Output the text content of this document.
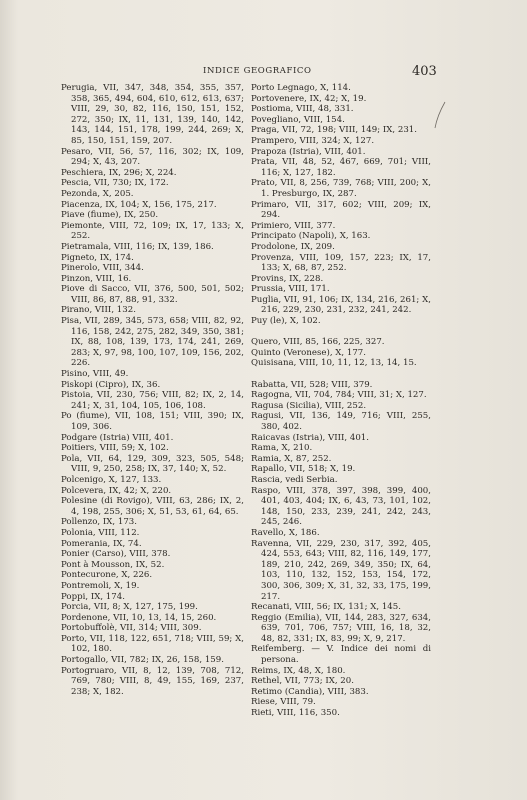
INDICE GEOGRAFICO	403
Perugia, VII, 347, 348, 354, 355, 357, 358, 365, 494, 604, 610, 612, 613, 637; VIII, 29, 30, 82, 116, 150, 151, 152, 272, 350; IX, 11, 131, 139, 140, 142, 143, 144, 151, 178, 199, 244, 269; X, 85, 150, 151, 159, 207.
Pesaro, VII, 56, 57, 116, 302; IX, 109, 294; X, 43, 207.
Peschiera, IX, 296; X, 224.
Pescia, VII, 730; IX, 172.
Pezonda, X, 205.
Piacenza, IX, 104; X, 156, 175, 217.
Piave (fiume), IX, 250.
Piemonte, VIII, 72, 109; IX, 17, 133; X, 252.
Pietramala, VIII, 116; IX, 139, 186.
Pigneto, IX, 174.
Pinerolo, VIII, 344.
Pinzon, VIII, 16.
Piove di Sacco, VII, 376, 500, 501, 502; VIII, 86, 87, 88, 91, 332.
Pirano, VIII, 132.
Pisa, VII, 289, 345, 573, 658; VIII, 82, 92, 116, 158, 242, 275, 282, 349, 350, 381; IX, 88, 108, 139, 173, 174, 241, 269, 283; X, 97, 98, 100, 107, 109, 156, 202, 226.
Pisino, VIII, 49.
Piskopi (Cipro), IX, 36.
Pistoia, VII, 230, 756; VIII, 82; IX, 2, 14, 241; X, 31, 104, 105, 106, 108.
Po (fiume), VII, 108, 151; VIII, 390; IX, 109, 306.
Podgare (Istria) VIII, 401.
Poitiers, VIII, 59; X, 102.
Pola, VII, 64, 129, 309, 323, 505, 548; VIII, 9, 250, 258; IX, 37, 140; X, 52.
Polcenigo, X, 127, 133.
Polcevera, IX, 42; X, 220.
Polesine (di Rovigo), VIII, 63, 286; IX, 2, 4, 198, 255, 306; X, 51, 53, 61, 64, 65.
Pollenzo, IX, 173.
Polonia, VIII, 112.
Pomerania, IX, 74.
Ponier (Carso), VIII, 378.
Pont à Mousson, IX, 52.
Pontecurone, X, 226.
Pontremoli, X, 19.
Poppi, IX, 174.
Porcia, VII, 8; X, 127, 175, 199.
Pordenone, VII, 10, 13, 14, 15, 260.
Portobuffolè, VII, 314; VIII, 309.
Porto, VII, 118, 122, 651, 718; VIII, 59; X, 102, 180.
Portogallo, VII, 782; IX, 26, 158, 159.
Portogruaro, VII, 8, 12, 139, 708, 712, 769, 780; VIII, 8, 49, 155, 169, 237, 238; X, 182.
Porto Legnago, X, 114.
Portovenere, IX, 42; X, 19.
Postioma, VIII, 48, 331.
Povegliano, VIII, 154.
Praga, VII, 72, 198; VIII, 149; IX, 231.
Prampero, VIII, 324; X, 127.
Prapoza (Istria), VIII, 401.
Prata, VII, 48, 52, 467, 669, 701; VIII, 116; X, 127, 182.
Prato, VII, 8, 256, 739, 768; VIII, 200; X, 1. Presburgo, IX, 287.
Primaro, VII, 317, 602; VIII, 209; IX, 294.
Primiero, VIII, 377.
Principato (Napoli), X, 163.
Prodolone, IX, 209.
Provenza, VIII, 109, 157, 223; IX, 17, 133; X, 68, 87, 252.
Provins, IX, 228.
Prussia, VIII, 171.
Puglia, VII, 91, 106; IX, 134, 216, 261; X, 216, 229, 230, 231, 232, 241, 242.
Puy (le), X, 102.
Quero, VIII, 85, 166, 225, 327.
Quinto (Veronese), X, 177.
Quisisana, VIII, 10, 11, 12, 13, 14, 15.
Rabatta, VII, 528; VIII, 379.
Ragogna, VII, 704, 784; VIII, 31; X, 127.
Ragusa (Sicilia), VIII, 252.
Ragusi, VII, 136, 149, 716; VIII, 255, 380, 402.
Raicavas (Istria), VIII, 401.
Rama, X, 210.
Ramia, X, 87, 252.
Rapallo, VII, 518; X, 19.
Rascia, vedi Serbia.
Raspo, VIII, 378, 397, 398, 399, 400, 401, 403, 404; IX, 6, 43, 73, 101, 102, 148, 150, 233, 239, 241, 242, 243, 245, 246.
Ravello, X, 186.
Ravenna, VII, 229, 230, 317, 392, 405, 424, 553, 643; VIII, 82, 116, 149, 177, 189, 210, 242, 269, 349, 350; IX, 64, 103, 110, 132, 152, 153, 154, 172, 300, 306, 309; X, 31, 32, 33, 175, 199, 217.
Recanati, VIII, 56; IX, 131; X, 145.
Reggio (Emilia), VII, 144, 283, 327, 634, 639, 701, 706, 757; VIII, 16, 18, 32, 48, 82, 331; IX, 83, 99; X, 9, 217.
Reifemberg. — V. Indice dei nomi di persona.
Reims, IX, 48, X, 180.
Rethel, VII, 773; IX, 20.
Retimo (Candia), VIII, 383.
Riese, VIII, 79.
Rieti, VIII, 116, 350.
